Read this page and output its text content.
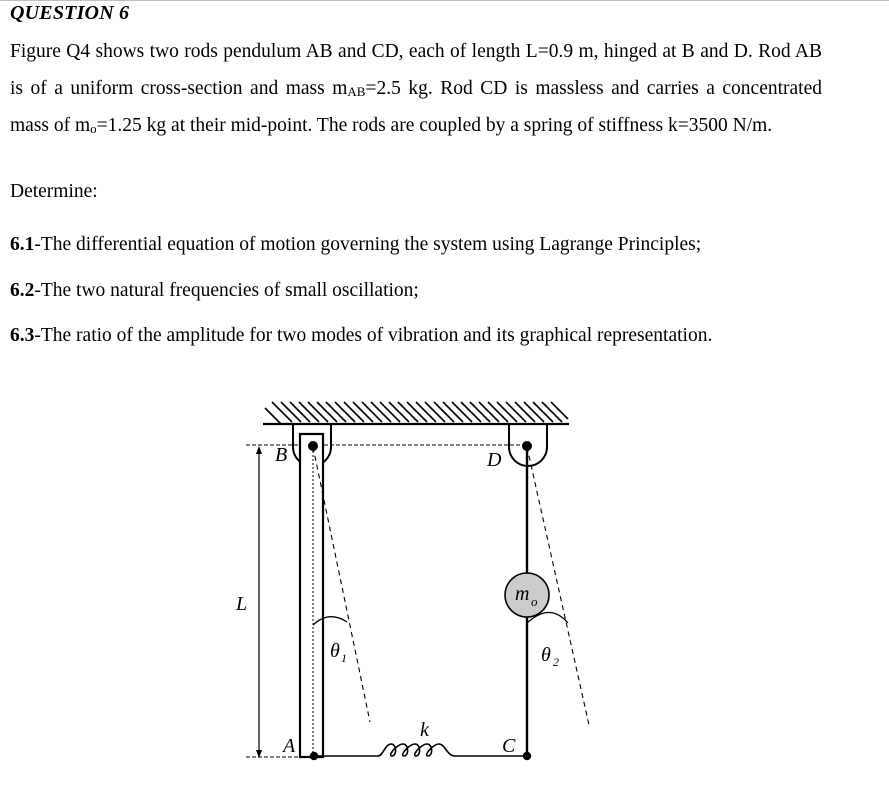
QUESTION 6
Figure Q4 shows two rods pendulum AB and CD, each of length L=0.9 m, hinged at B and D. Rod AB is of a uniform cross-section and mass $m_{AB}=2.5$ kg. Rod CD is massless and carries a concentrated mass of $m_o=1.25$ kg at their mid-point. The rods are coupled by a spring of stiffness k=3500 N/m.
Determine:
6.1-The differential equation of motion governing the system using Lagrange Principles;
6.2-The two natural frequencies of small oscillation;
6.3-The ratio of the amplitude for two modes of vibration and its graphical representation.
m o
θ 1	θ 2
k
L
B	D
A	C
